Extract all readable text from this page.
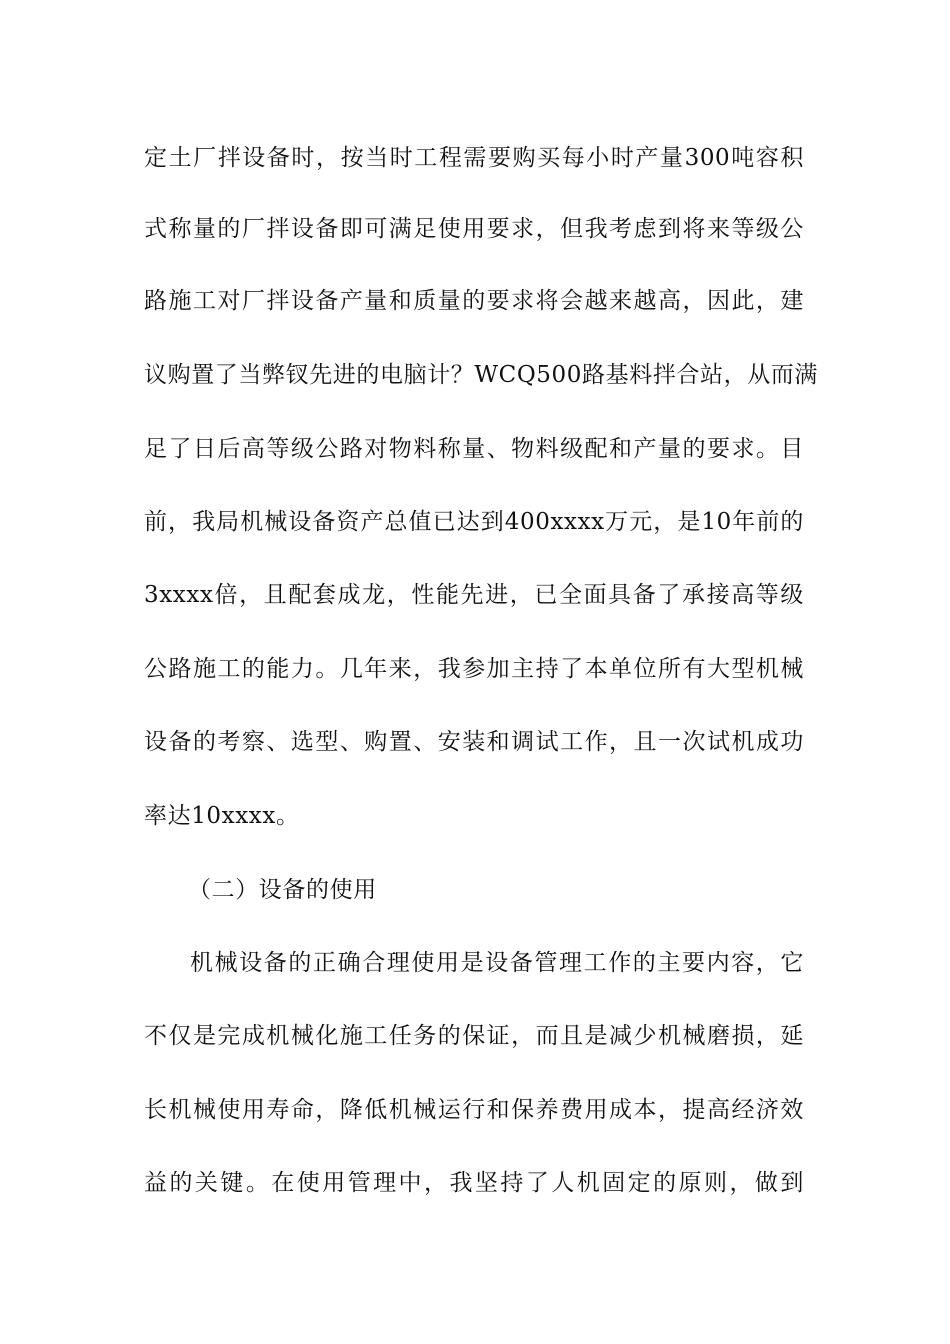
定土厂拌设备时，按当时工程需要购买每小时产量300吨容积
式称量的厂拌设备即可满足使用要求，但我考虑到将来等级公
路施工对厂拌设备产量和质量的要求将会越来越高，因此，建
议购置了当弊钗先进的电脑计？WCQ500路基料拌合站，从而满
足了日后高等级公路对物料称量、物料级配和产量的要求。目
前，我局机械设备资产总值已达到400xxxx万元，是10年前的
3xxxx倍，且配套成龙，性能先进，已全面具备了承接高等级
公路施工的能力。几年来，我参加主持了本单位所有大型机械
设备的考察、选型、购置、安装和调试工作，且一次试机成功
率达10xxxx。
（二）设备的使用
机械设备的正确合理使用是设备管理工作的主要内容，它
不仅是完成机械化施工任务的保证，而且是减少机械磨损，延
长机械使用寿命，降低机械运行和保养费用成本，提高经济效
益的关键。在使用管理中，我坚持了人机固定的原则，做到
